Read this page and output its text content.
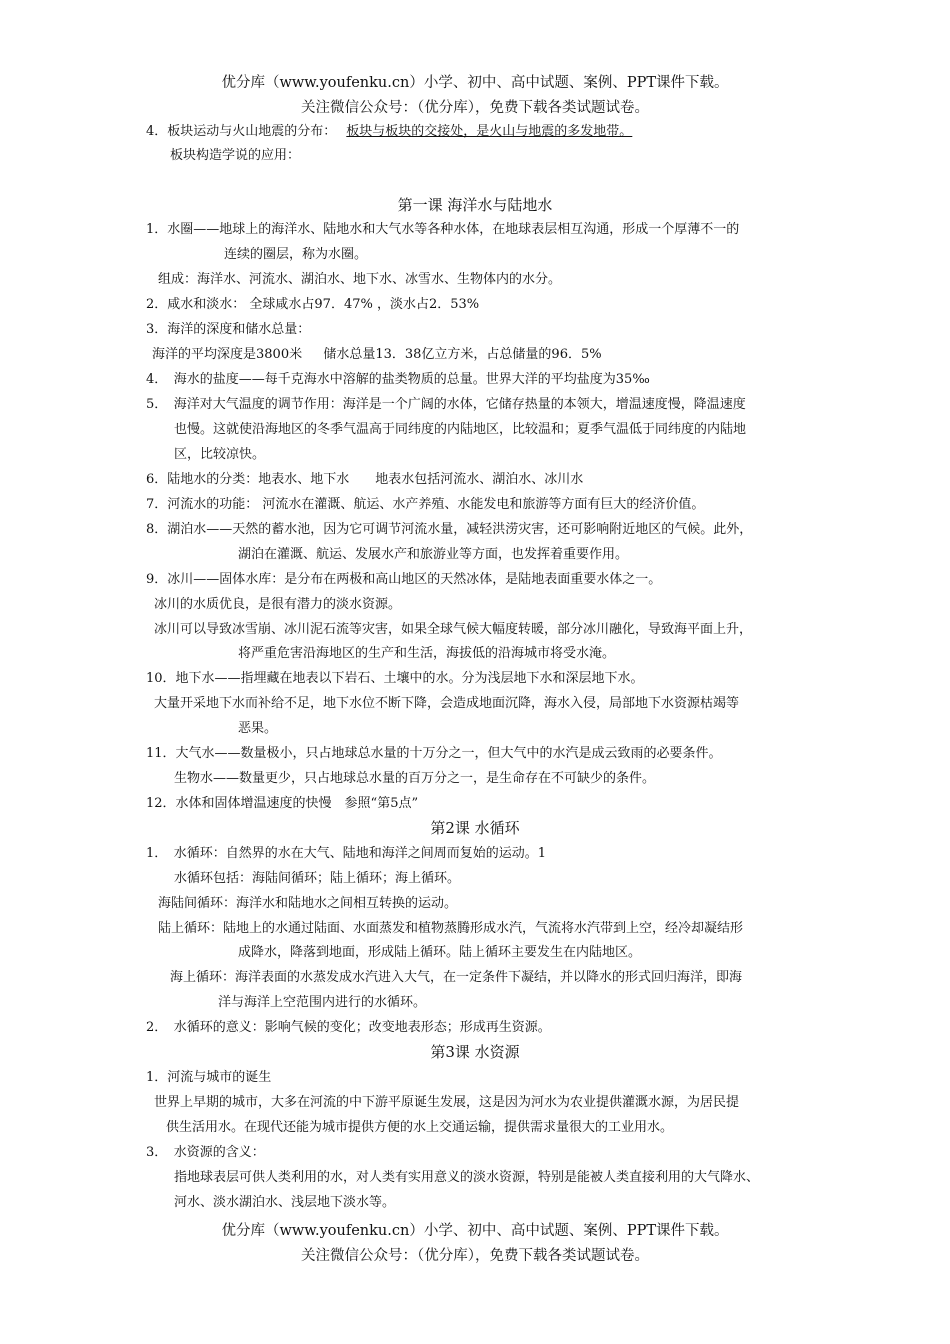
优分库（www.youfenku.cn）小学、初中、高中试题、案例、PPT课件下载。
关注微信公众号：（优分库），免费下载各类试题试卷。
4．板块运动与火山地震的分布： 板块与板块的交接处，是火山与地震的多发地带。
板块构造学说的应用：
第一课 海洋水与陆地水
1．水圈——地球上的海洋水、陆地水和大气水等各种水体，在地球表层相互沟通，形成一个厚薄不一的
连续的圈层，称为水圈。
组成：海洋水、河流水、湖泊水、地下水、冰雪水、生物体内的水分。
2．咸水和淡水： 全球咸水占97．47% ，淡水占2．53%
3．海洋的深度和储水总量：
海洋的平均深度是3800米 　 储水总量13．38亿立方米，占总储量的96．5%
4．　海水的盐度——每千克海水中溶解的盐类物质的总量。世界大洋的平均盐度为35‰
5．　海洋对大气温度的调节作用：海洋是一个广阔的水体，它储存热量的本领大，增温速度慢，降温速度
也慢。这就使沿海地区的冬季气温高于同纬度的内陆地区，比较温和；夏季气温低于同纬度的内陆地
区，比较凉快。
6．陆地水的分类：地表水、地下水　　地表水包括河流水、湖泊水、冰川水
7．河流水的功能： 河流水在灌溉、航运、水产养殖、水能发电和旅游等方面有巨大的经济价值。
8．湖泊水——天然的蓄水池，因为它可调节河流水量，减轻洪涝灾害，还可影响附近地区的气候。此外，
湖泊在灌溉、航运、发展水产和旅游业等方面，也发挥着重要作用。
9．冰川——固体水库：是分布在两极和高山地区的天然冰体，是陆地表面重要水体之一。
冰川的水质优良，是很有潜力的淡水资源。
冰川可以导致冰雪崩、冰川泥石流等灾害，如果全球气候大幅度转暖，部分冰川融化，导致海平面上升，
将严重危害沿海地区的生产和生活，海拔低的沿海城市将受水淹。
10．地下水——指埋藏在地表以下岩石、土壤中的水。分为浅层地下水和深层地下水。
大量开采地下水而补给不足，地下水位不断下降，会造成地面沉降，海水入侵，局部地下水资源枯竭等
恶果。
11．大气水——数量极小，只占地球总水量的十万分之一，但大气中的水汽是成云致雨的必要条件。
生物水——数量更少，只占地球总水量的百万分之一，是生命存在不可缺少的条件。
12．水体和固体增温速度的快慢　参照“第5点”
第2课 水循环
1．　水循环：自然界的水在大气、陆地和海洋之间周而复始的运动。1
水循环包括：海陆间循环；陆上循环；海上循环。
海陆间循环：海洋水和陆地水之间相互转换的运动。
陆上循环：陆地上的水通过陆面、水面蒸发和植物蒸腾形成水汽，气流将水汽带到上空，经冷却凝结形
成降水，降落到地面，形成陆上循环。陆上循环主要发生在内陆地区。
海上循环：海洋表面的水蒸发成水汽进入大气，在一定条件下凝结，并以降水的形式回归海洋，即海
洋与海洋上空范围内进行的水循环。
2．　水循环的意义：影响气候的变化；改变地表形态；形成再生资源。
第3课 水资源
1．河流与城市的诞生
世界上早期的城市，大多在河流的中下游平原诞生发展，这是因为河水为农业提供灌溉水源，为居民提
供生活用水。在现代还能为城市提供方便的水上交通运输，提供需求量很大的工业用水。
3．　水资源的含义：
指地球表层可供人类利用的水，对人类有实用意义的淡水资源，特别是能被人类直接利用的大气降水、
河水、淡水湖泊水、浅层地下淡水等。
优分库（www.youfenku.cn）小学、初中、高中试题、案例、PPT课件下载。
关注微信公众号：（优分库），免费下载各类试题试卷。
